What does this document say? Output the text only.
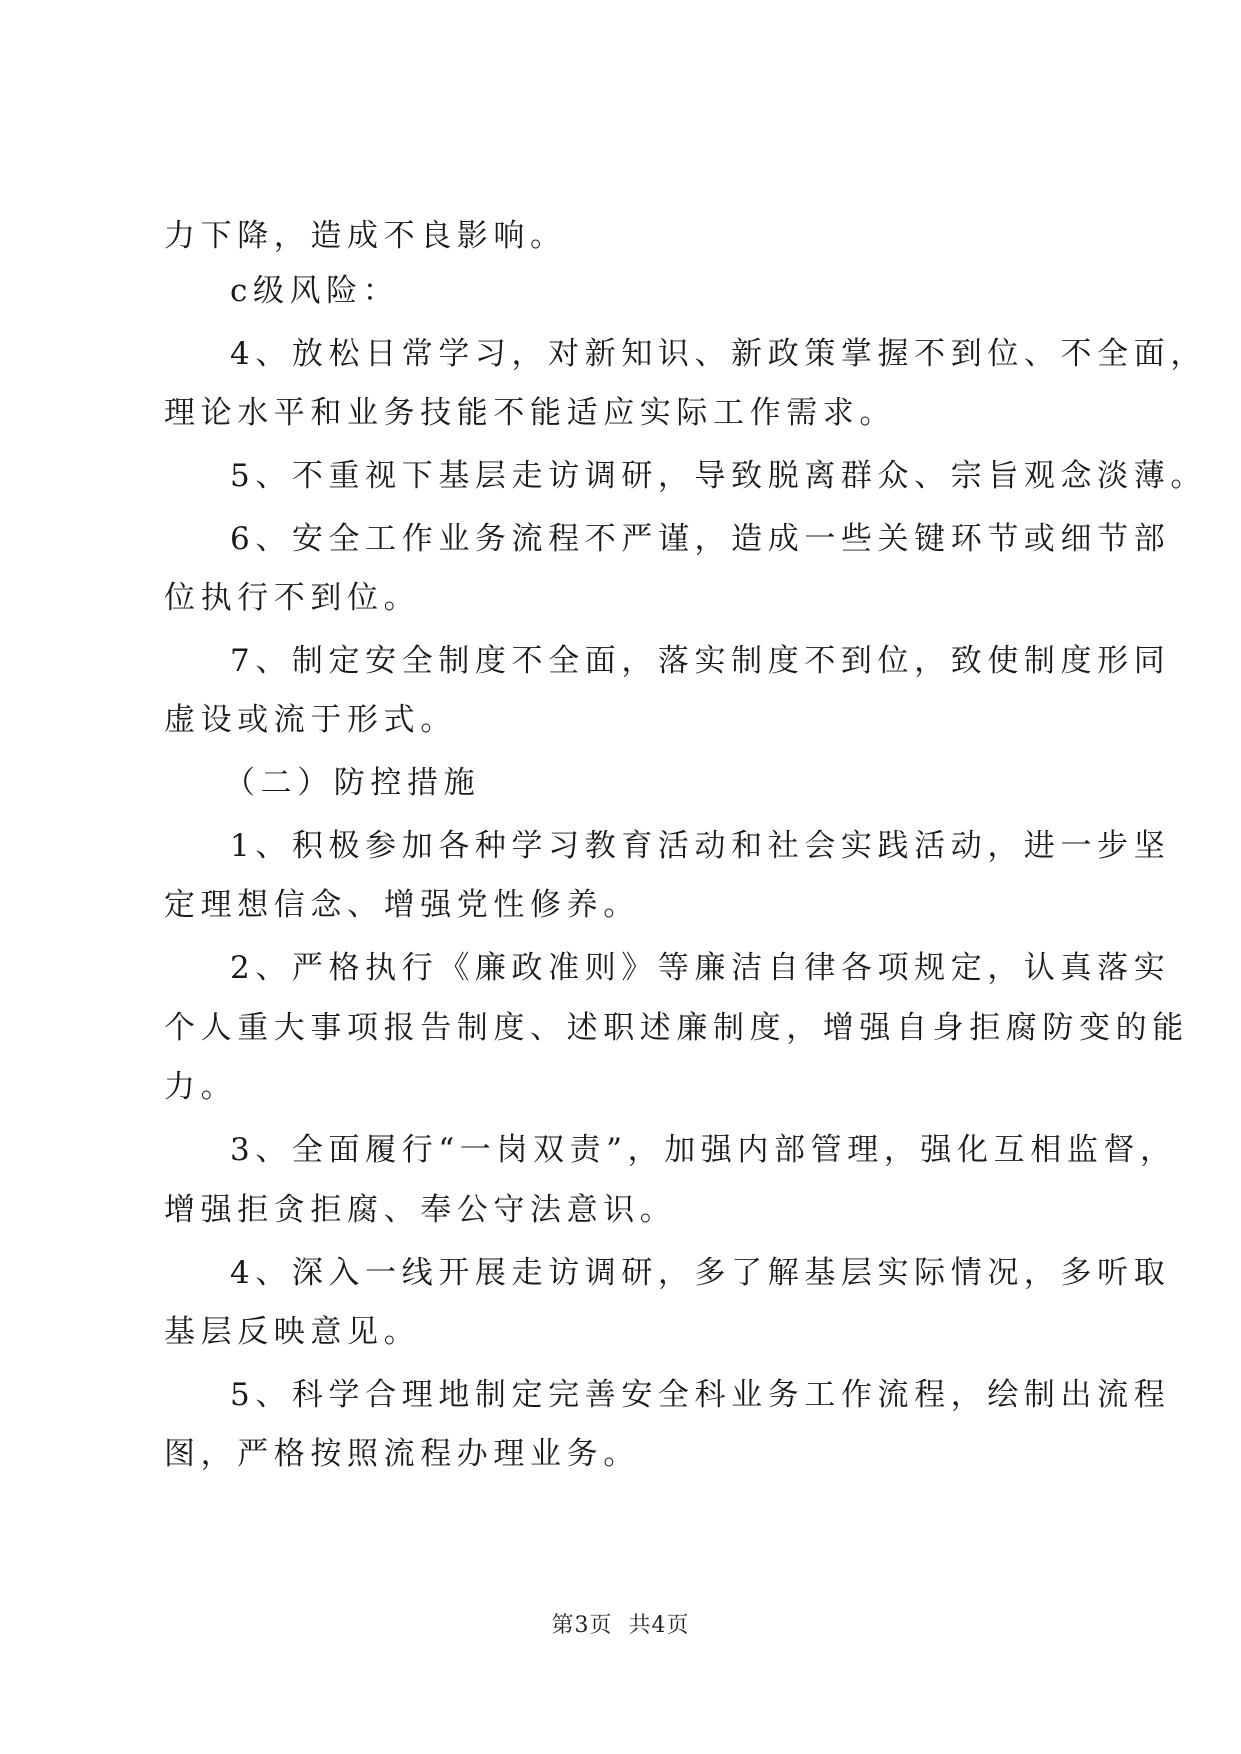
力下降，造成不良影响。
c级风险：
4、放松日常学习，对新知识、新政策掌握不到位、不全面，
理论水平和业务技能不能适应实际工作需求。
5、不重视下基层走访调研，导致脱离群众、宗旨观念淡薄。
6、安全工作业务流程不严谨，造成一些关键环节或细节部
位执行不到位。
7、制定安全制度不全面，落实制度不到位，致使制度形同
虚设或流于形式。
（二）防控措施
1、积极参加各种学习教育活动和社会实践活动，进一步坚
定理想信念、增强党性修养。
2、严格执行《廉政准则》等廉洁自律各项规定，认真落实
个人重大事项报告制度、述职述廉制度，增强自身拒腐防变的能
力。
3、全面履行“一岗双责”，加强内部管理，强化互相监督，
增强拒贪拒腐、奉公守法意识。
4、深入一线开展走访调研，多了解基层实际情况，多听取
基层反映意见。
5、科学合理地制定完善安全科业务工作流程，绘制出流程
图，严格按照流程办理业务。
第3页 共4页
